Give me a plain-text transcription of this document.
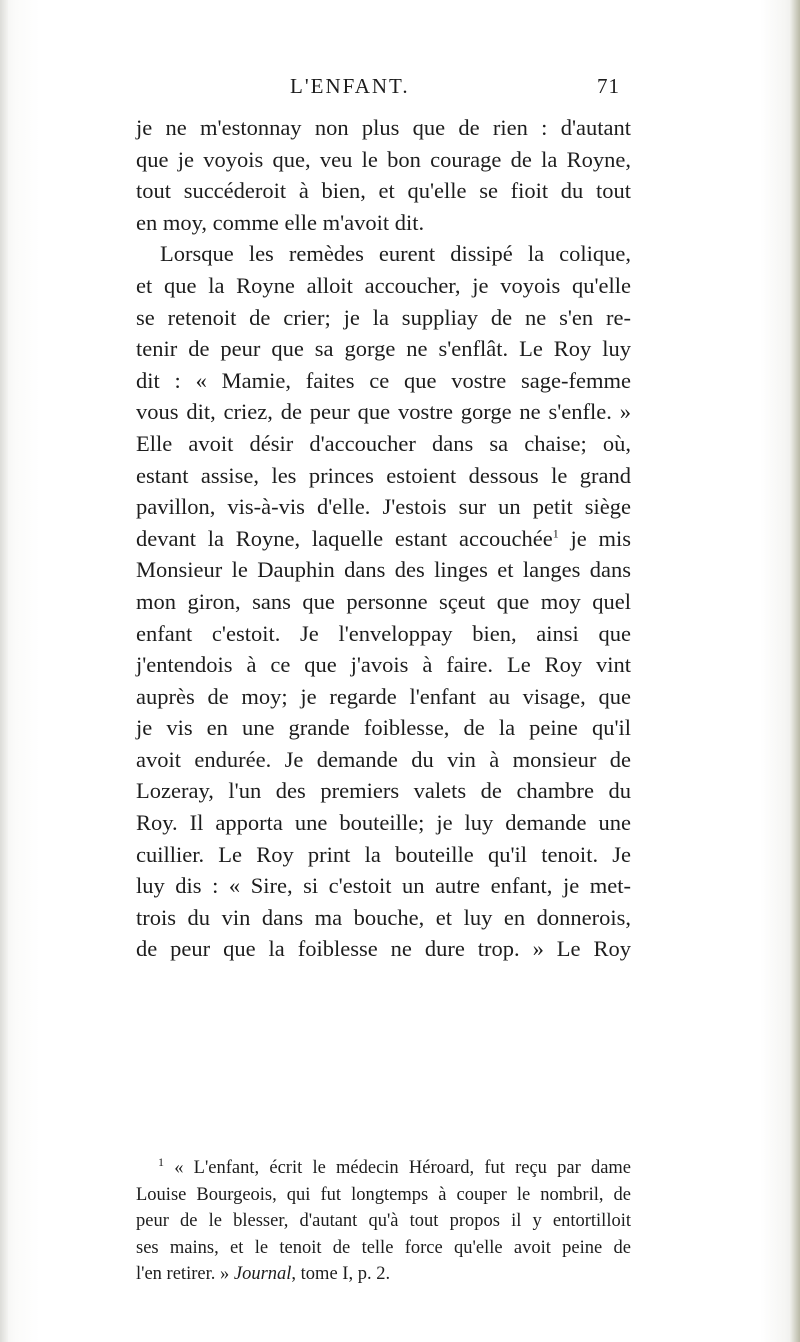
L'ENFANT.	71
je ne m'estonnay non plus que de rien : d'autant
que je voyois que, veu le bon courage de la Royne,
tout succéderoit à bien, et qu'elle se fioit du tout
en moy, comme elle m'avoit dit.
Lorsque les remèdes eurent dissipé la colique,
et que la Royne alloit accoucher, je voyois qu'elle
se retenoit de crier; je la suppliay de ne s'en re-
tenir de peur que sa gorge ne s'enflât. Le Roy luy
dit : « Mamie, faites ce que vostre sage-femme
vous dit, criez, de peur que vostre gorge ne s'enfle. »
Elle avoit désir d'accoucher dans sa chaise; où,
estant assise, les princes estoient dessous le grand
pavillon, vis-à-vis d'elle. J'estois sur un petit siège
devant la Royne, laquelle estant accouchée$^1$ je mis
Monsieur le Dauphin dans des linges et langes dans
mon giron, sans que personne sçeut que moy quel
enfant c'estoit. Je l'enveloppay bien, ainsi que
j'entendois à ce que j'avois à faire. Le Roy vint
auprès de moy; je regarde l'enfant au visage, que
je vis en une grande foiblesse, de la peine qu'il
avoit endurée. Je demande du vin à monsieur de
Lozeray, l'un des premiers valets de chambre du
Roy. Il apporta une bouteille; je luy demande une
cuillier. Le Roy print la bouteille qu'il tenoit. Je
luy dis : « Sire, si c'estoit un autre enfant, je met-
trois du vin dans ma bouche, et luy en donnerois,
de peur que la foiblesse ne dure trop. » Le Roy
$^1$ « L'enfant, écrit le médecin Héroard, fut reçu par dame
Louise Bourgeois, qui fut longtemps à couper le nombril, de
peur de le blesser, d'autant qu'à tout propos il y entortilloit
ses mains, et le tenoit de telle force qu'elle avoit peine de
l'en retirer. » Journal, tome I, p. 2.
